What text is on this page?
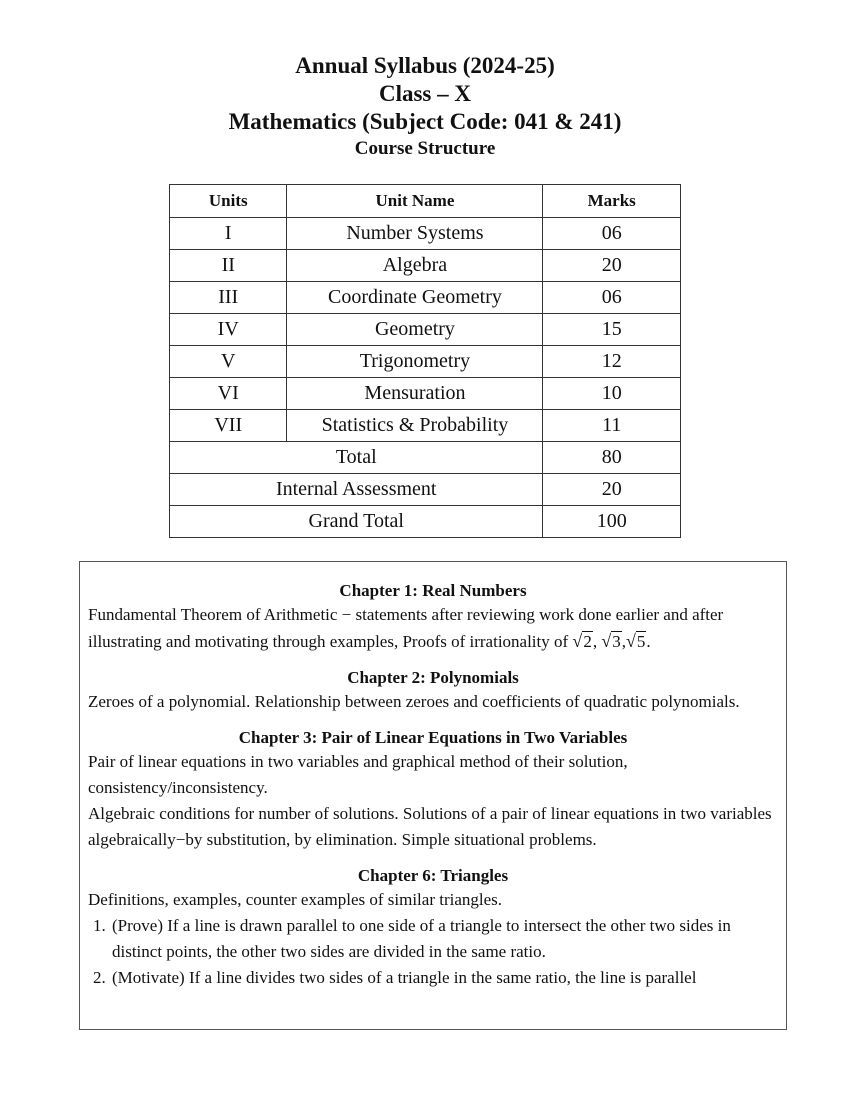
Annual Syllabus (2024-25)
Class – X
Mathematics (Subject Code: 041 & 241)
Course Structure
Units	Unit Name	Marks
I	Number Systems	06
II	Algebra	20
III	Coordinate Geometry	06
IV	Geometry	15
V	Trigonometry	12
VI	Mensuration	10
VII	Statistics & Probability	11
Total		80
Internal Assessment		20
Grand Total		100
Chapter 1: Real Numbers
Fundamental Theorem of Arithmetic − statements after reviewing work done earlier and after illustrating and motivating through examples, Proofs of irrationality of √2, √3,√5.
Chapter 2: Polynomials
Zeroes of a polynomial. Relationship between zeroes and coefficients of quadratic polynomials.
Chapter 3: Pair of Linear Equations in Two Variables
Pair of linear equations in two variables and graphical method of their solution, consistency/inconsistency.
Algebraic conditions for number of solutions. Solutions of a pair of linear equations in two variables algebraically−by substitution, by elimination. Simple situational problems.
Chapter 6: Triangles
Definitions, examples, counter examples of similar triangles.
1. (Prove) If a line is drawn parallel to one side of a triangle to intersect the other two sides in distinct points, the other two sides are divided in the same ratio.
2. (Motivate) If a line divides two sides of a triangle in the same ratio, the line is parallel
